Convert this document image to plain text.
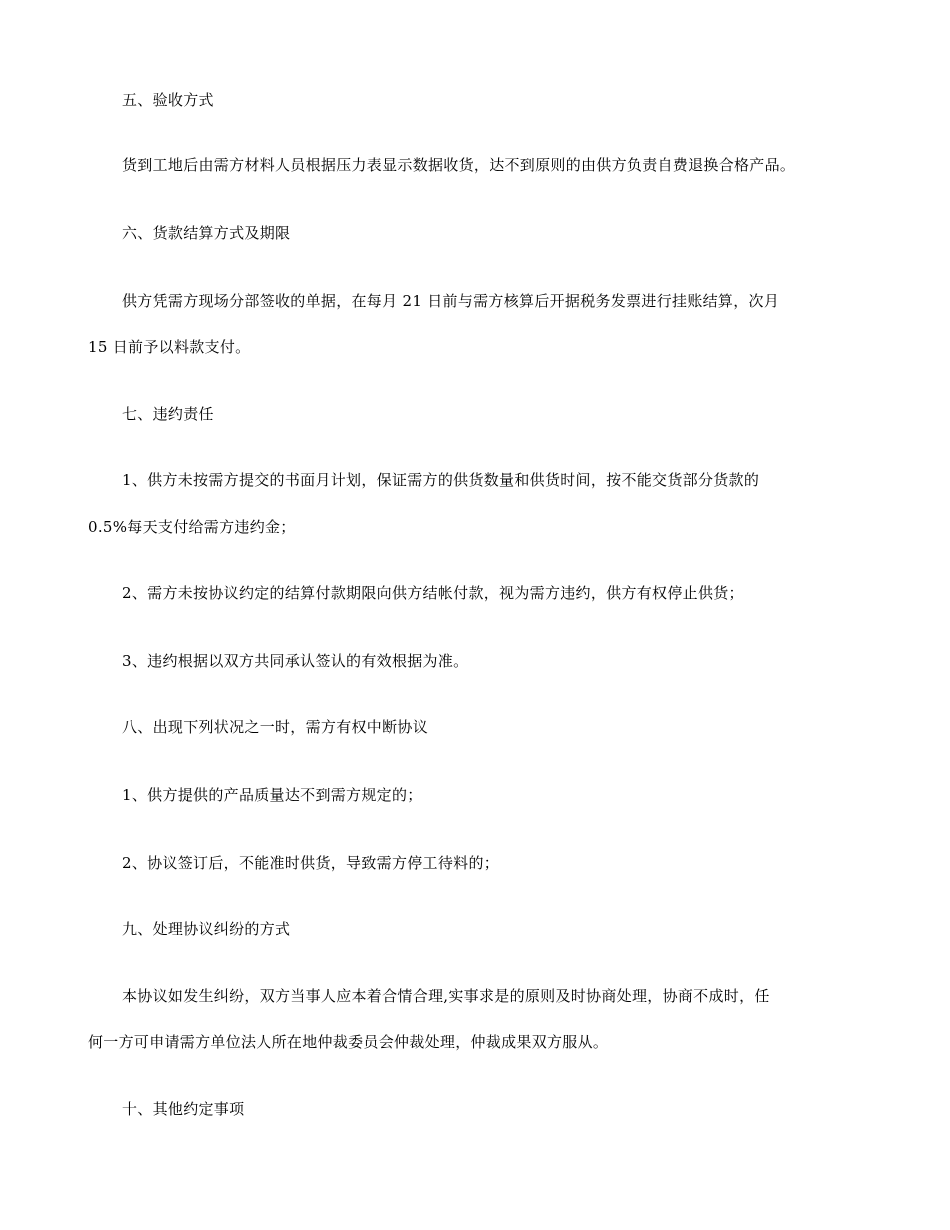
五、验收方式
货到工地后由需方材料人员根据压力表显示数据收货，达不到原则的由供方负责自费退换合格产品。
六、货款结算方式及期限
供方凭需方现场分部签收的单据，在每月 21 日前与需方核算后开据税务发票进行挂账结算，次月
15 日前予以料款支付。
七、违约责任
1、供方未按需方提交的书面月计划，保证需方的供货数量和供货时间，按不能交货部分货款的
0.5%每天支付给需方违约金；
2、需方未按协议约定的结算付款期限向供方结帐付款，视为需方违约，供方有权停止供货；
3、违约根据以双方共同承认签认的有效根据为准。
八、出现下列状况之一时，需方有权中断协议
1、供方提供的产品质量达不到需方规定的；
2、协议签订后，不能准时供货，导致需方停工待料的；
九、处理协议纠纷的方式
本协议如发生纠纷，双方当事人应本着合情合理,实事求是的原则及时协商处理，协商不成时，任
何一方可申请需方单位法人所在地仲裁委员会仲裁处理，仲裁成果双方服从。
十、其他约定事项
